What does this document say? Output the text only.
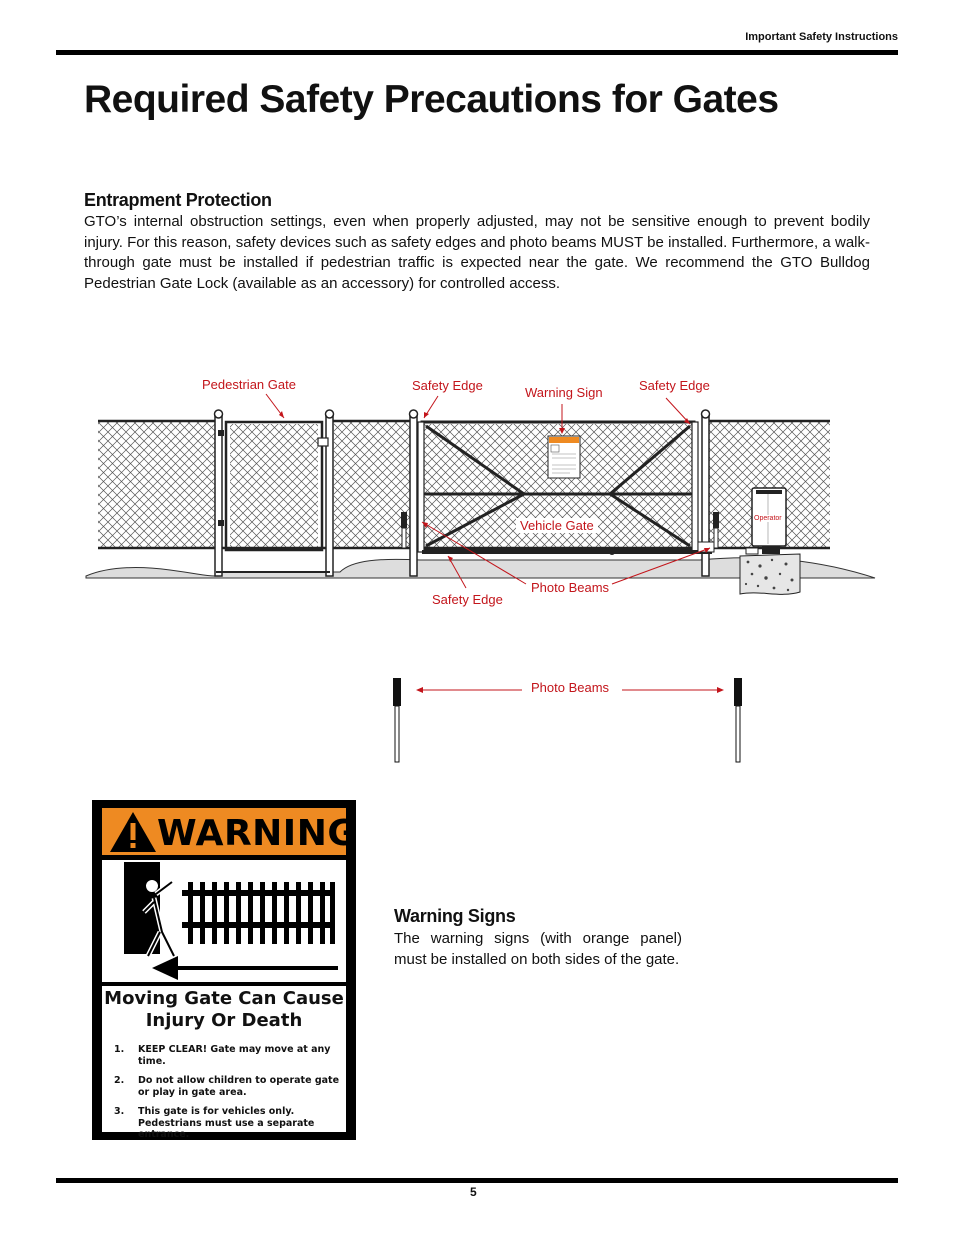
Important Safety Instructions
Required Safety Precautions for Gates
Entrapment Protection

GTO’s internal obstruction settings, even when properly adjusted, may not be sensitive enough to prevent bodily injury. For this reason, safety devices such as safety edges and photo beams MUST be installed. Furthermore, a walk-through gate must be installed if pedestrian traffic is expected near the gate. We recommend the GTO Bulldog Pedestrian Gate Lock (available as an accessory) for controlled access.

Pedestrian Gate	Safety Edge	Warning Sign	Safety Edge
Vehicle Gate	Operator
Photo Beams
Safety Edge
Photo Beams
WARNING
Moving Gate Can Cause Injury Or Death
1. KEEP CLEAR! Gate may move at any time.
2. Do not allow children to operate gate or play in gate area.
3. This gate is for vehicles only. Pedestrians must use a separate entrance.
Warning Signs

The warning signs (with orange panel) must be installed on both sides of the gate.

5
